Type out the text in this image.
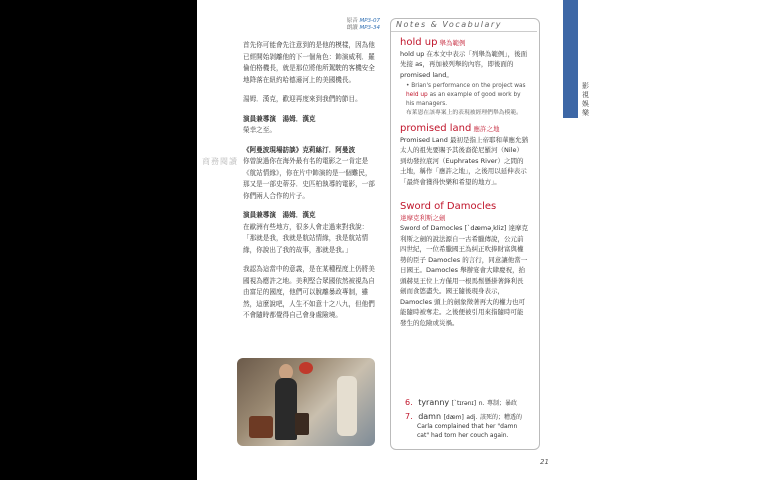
影視娛樂
原音 MP3-07
朗讀 MP3-34

首先你可能會先注意到的是他的模樣，因為他已經開始剝離他的下一個角色：飾演威利．羅倫伯格機長，就是那位將他所駕駛的客機安全地降落在紐約哈德遜河上的美國機長。

湯姆．漢克，歡迎再度來到我們的節目。

演員兼導演　湯姆．漢克

榮幸之至。

《阿曼波現場訪談》克莉絲汀．阿曼波

你曾說過你在海外最有名的電影之一肯定是《航站情緣》，你在片中飾演的是一個難民，那又是一部史蒂芬．史匹柏執導的電影，一部你們兩人合作的片子。

演員兼導演　湯姆．漢克

在歐洲有些地方，很多人會走過來對我說：「那就是我，我就是航站情緣，我是航站情緣，你說出了我的故事，那就是我。」

我認為這當中的意義，是在某種程度上仍將美國視為應許之地。美利堅合眾國依然被視為自由富足的國度，他們可以脫離暴政專制，雖然，這麼說吧，人生不如意十之八九，但他們不會隨時都覺得自己會身處險境。

商務閱讀
Notes & Vocabulary
hold up 舉為範例
hold up 在本文中表示「列舉為範例」，後面先接 as，再加被列舉的內容，即後面的 promised land。
• Brian's performance on the project was held up as an example of good work by his managers.
布萊恩在該專案上的表現被經理們舉為模範。
promised land 應許之地
Promised Land 最初是指上帝耶和華應允猶太人的祖先要賜予其後裔從尼羅河（Nile）到幼發拉底河（Euphrates River）之間的土地，稱作「應許之地」，之後用以延伸表示「最終會獲得快樂和希望的地方」。
Sword of Damocles
達摩克利斯之劍
Sword of Damocles [ˋdæmə͵kliz] 達摩克利斯之劍的說法源自一古希臘傳說，公元前四世紀，一位希臘國王為糾正吹捧財富與權勢的臣子 Damocles 的言行，同意讓他當一日國王。Damocles 舉辦宴會大肆慶祝，抬頭赫見王位上方僅用一根馬鬃懸掛著鋒利長劍而食慾盡失。國王隨後現身表示，Damocles 頭上的劍象徵著再大的權力也可能隨時被奪走。之後便被引用來指隨時可能發生的危險或災禍。
6. tyranny [ˋtɪrənɪ] n. 專制；暴政
7. damn [dæm] adj. 該死的；糟透的
Carla complained that her "damn cat" had torn her couch again.
21
